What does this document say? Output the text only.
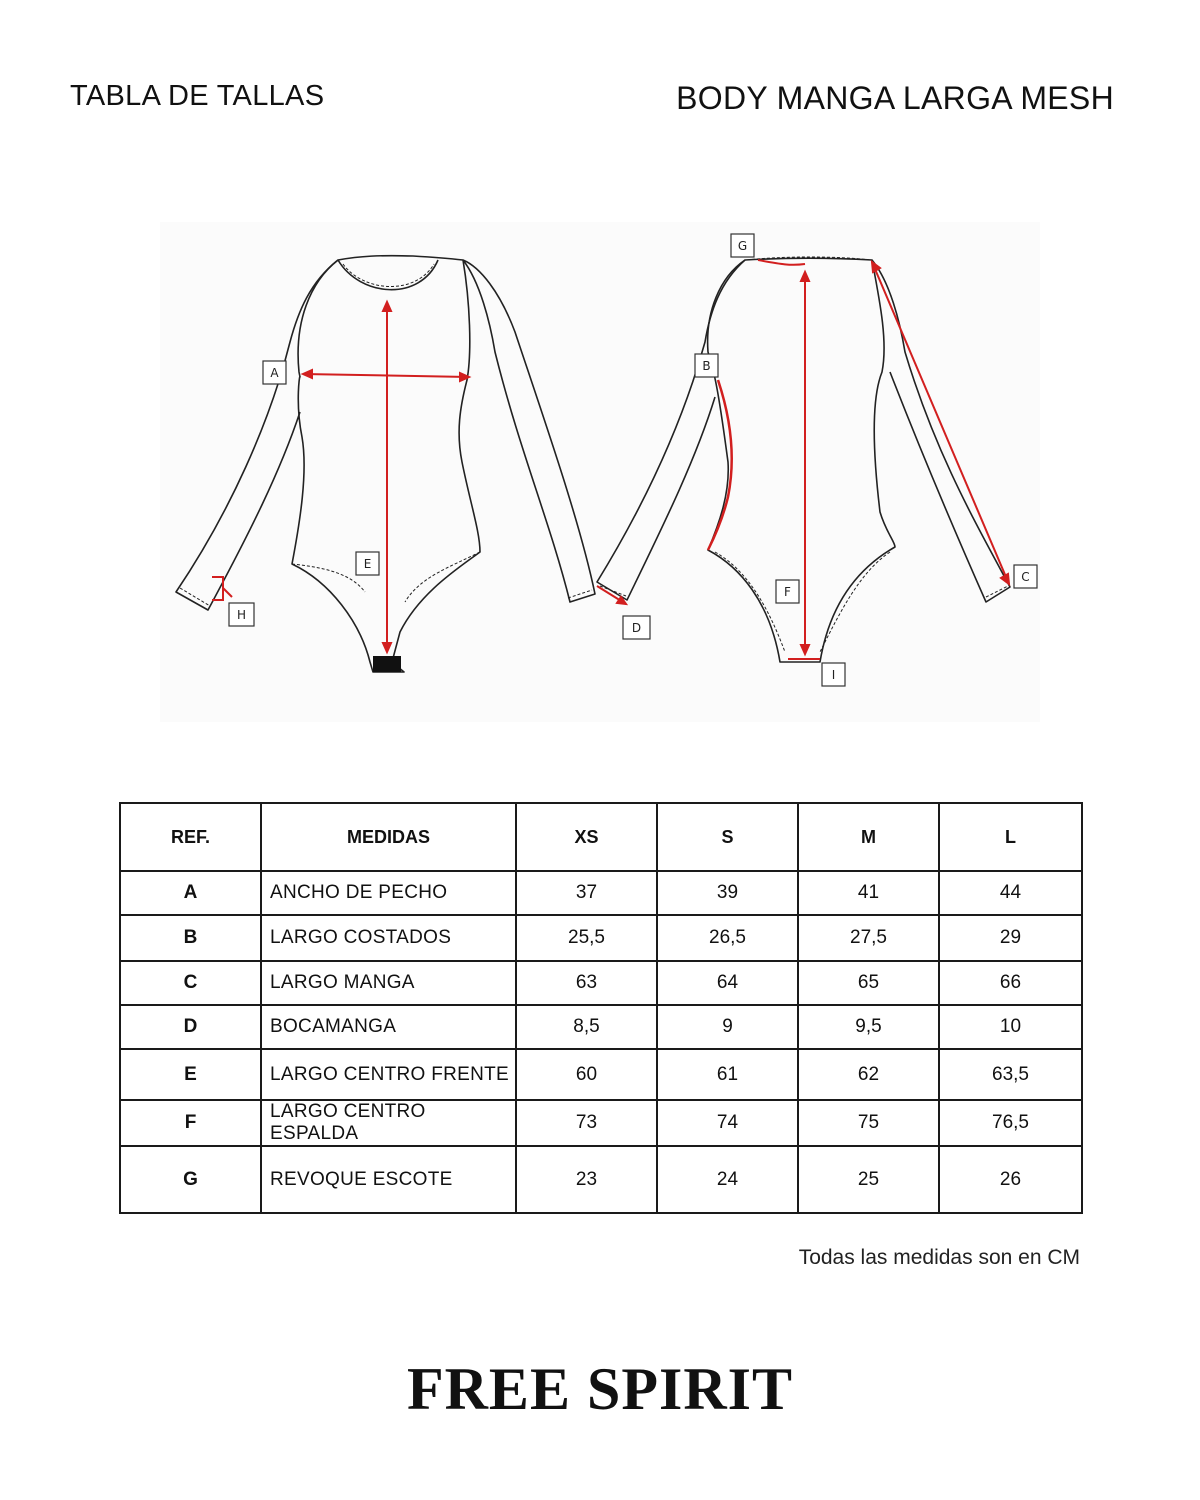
TABLA DE TALLAS	BODY MANGA LARGA MESH
A	B
C
D
E
F
G
H
I
REF.	MEDIDAS	XS	S	M	L
A	ANCHO DE PECHO	37	39	41	44
B	LARGO COSTADOS	25,5	26,5	27,5	29
C	LARGO MANGA	63	64	65	66
D	BOCAMANGA	8,5	9	9,5	10
E	LARGO CENTRO FRENTE	60	61	62	63,5
F	LARGO CENTRO ESPALDA	73	74	75	76,5
G	REVOQUE ESCOTE	23	24	25	26
Todas las medidas son en CM
FREE SPIRIT
